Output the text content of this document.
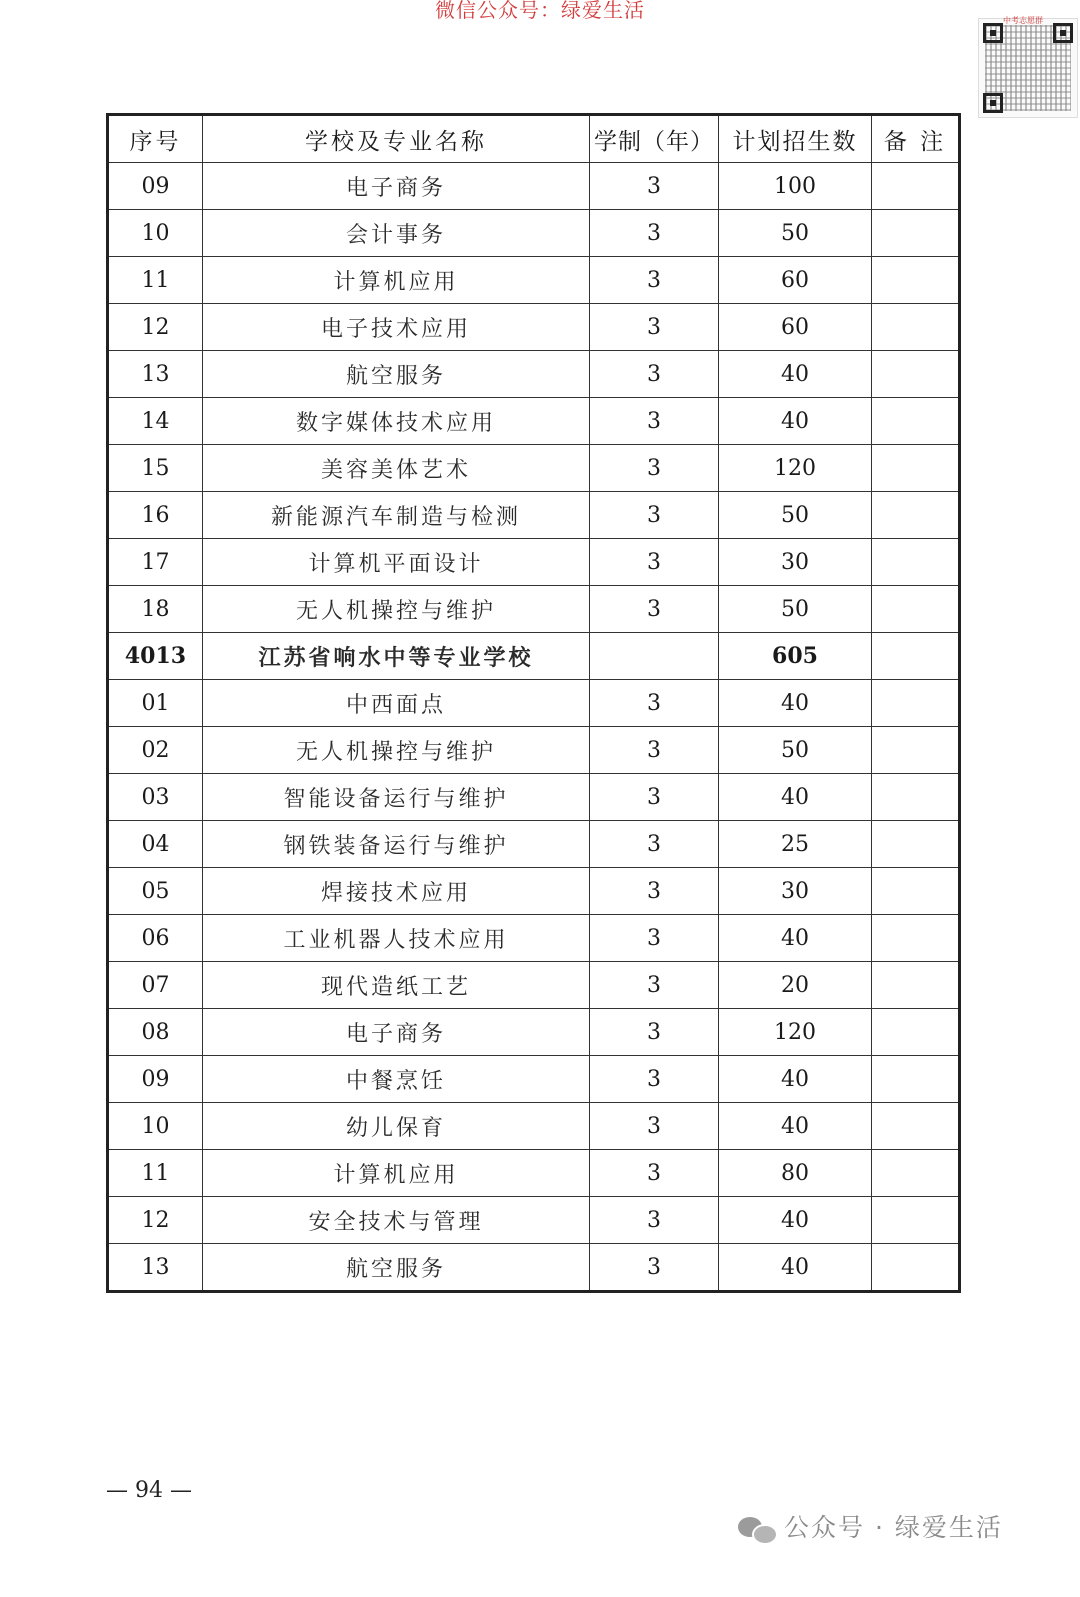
微信公众号：绿爱生活	中考志愿群
序号	学校及专业名称	学制（年）	计划招生数	备 注
09	电子商务	3	100	
10	会计事务	3	50	
11	计算机应用	3	60	
12	电子技术应用	3	60	
13	航空服务	3	40	
14	数字媒体技术应用	3	40	
15	美容美体艺术	3	120	
16	新能源汽车制造与检测	3	50	
17	计算机平面设计	3	30	
18	无人机操控与维护	3	50	
4013	江苏省响水中等专业学校		605	
01	中西面点	3	40	
02	无人机操控与维护	3	50	
03	智能设备运行与维护	3	40	
04	钢铁装备运行与维护	3	25	
05	焊接技术应用	3	30	
06	工业机器人技术应用	3	40	
07	现代造纸工艺	3	20	
08	电子商务	3	120	
09	中餐烹饪	3	40	
10	幼儿保育	3	40	
11	计算机应用	3	80	
12	安全技术与管理	3	40	
13	航空服务	3	40	
— 94 —
公众号 · 绿爱生活
